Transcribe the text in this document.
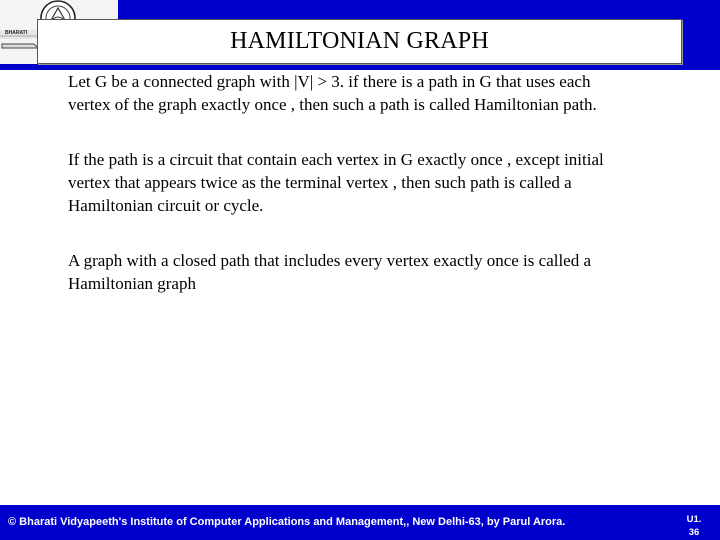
BHARATI	HAMILTONIAN GRAPH

Let G be a connected graph with |V| > 3. if there is a path in G that uses each
vertex of the graph exactly once , then such a path is called Hamiltonian path.

If the path is a circuit that contain each vertex in G exactly once , except initial
vertex that appears twice as the terminal vertex , then such path is called a
Hamiltonian circuit or cycle.

A graph with a closed path that includes every vertex exactly once is called a
Hamiltonian graph

© Bharati Vidyapeeth's Institute of Computer Applications and Management,, New Delhi-63, by Parul Arora.	U1.
36
